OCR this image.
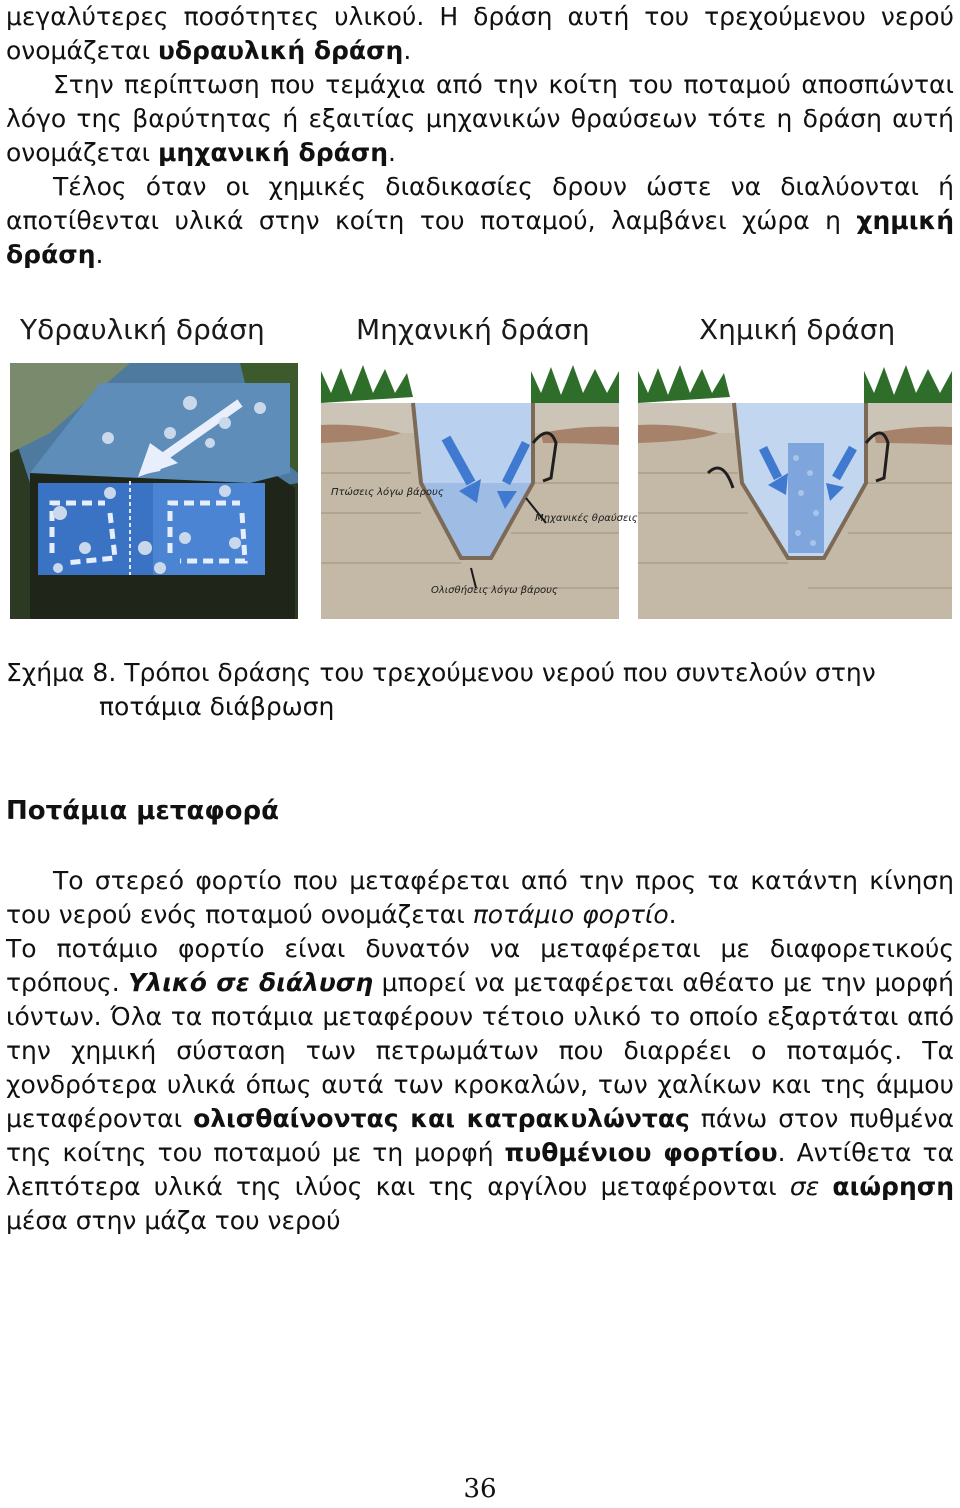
μεγαλύτερες ποσότητες υλικού. Η δράση αυτή του τρεχούμενου νερού ονομάζεται υδραυλική δράση.

Στην περίπτωση που τεμάχια από την κοίτη του ποταμού αποσπώνται λόγο της βαρύτητας ή εξαιτίας μηχανικών θραύσεων τότε η δράση αυτή ονομάζεται μηχανική δράση.

Τέλος όταν οι χημικές διαδικασίες δρουν ώστε να διαλύονται ή αποτίθενται υλικά στην κοίτη του ποταμού, λαμβάνει χώρα η χημική δράση.

Υδραυλική δράση	Μηχανική δράση	Χημική δράση
Πτώσεις λόγω βάρους
Μηχανικές θραύσεις
Ολισθήσεις λόγω βάρους
Σχήμα 8. Τρόποι δράσης του τρεχούμενου νερού που συντελούν στην
ποτάμια διάβρωση
Ποτάμια μεταφορά

Το στερεό φορτίο που μεταφέρεται από την προς τα κατάντη κίνηση του νερού ενός ποταμού ονομάζεται ποτάμιο φορτίο.

Το ποτάμιο φορτίο είναι δυνατόν να μεταφέρεται με διαφορετικούς τρόπους. Υλικό σε διάλυση μπορεί να μεταφέρεται αθέατο με την μορφή ιόντων. Όλα τα ποτάμια μεταφέρουν τέτοιο υλικό το οποίο εξαρτάται από την χημική σύσταση των πετρωμάτων που διαρρέει ο ποταμός. Τα χονδρότερα υλικά όπως αυτά των κροκαλών, των χαλίκων και της άμμου μεταφέρονται ολισθαίνοντας και κατρακυλώντας πάνω στον πυθμένα της κοίτης του ποταμού με τη μορφή πυθμένιου φορτίου. Αντίθετα τα λεπτότερα υλικά της ιλύος και της αργίλου μεταφέρονται σε αιώρηση μέσα στην μάζα του νερού

36
